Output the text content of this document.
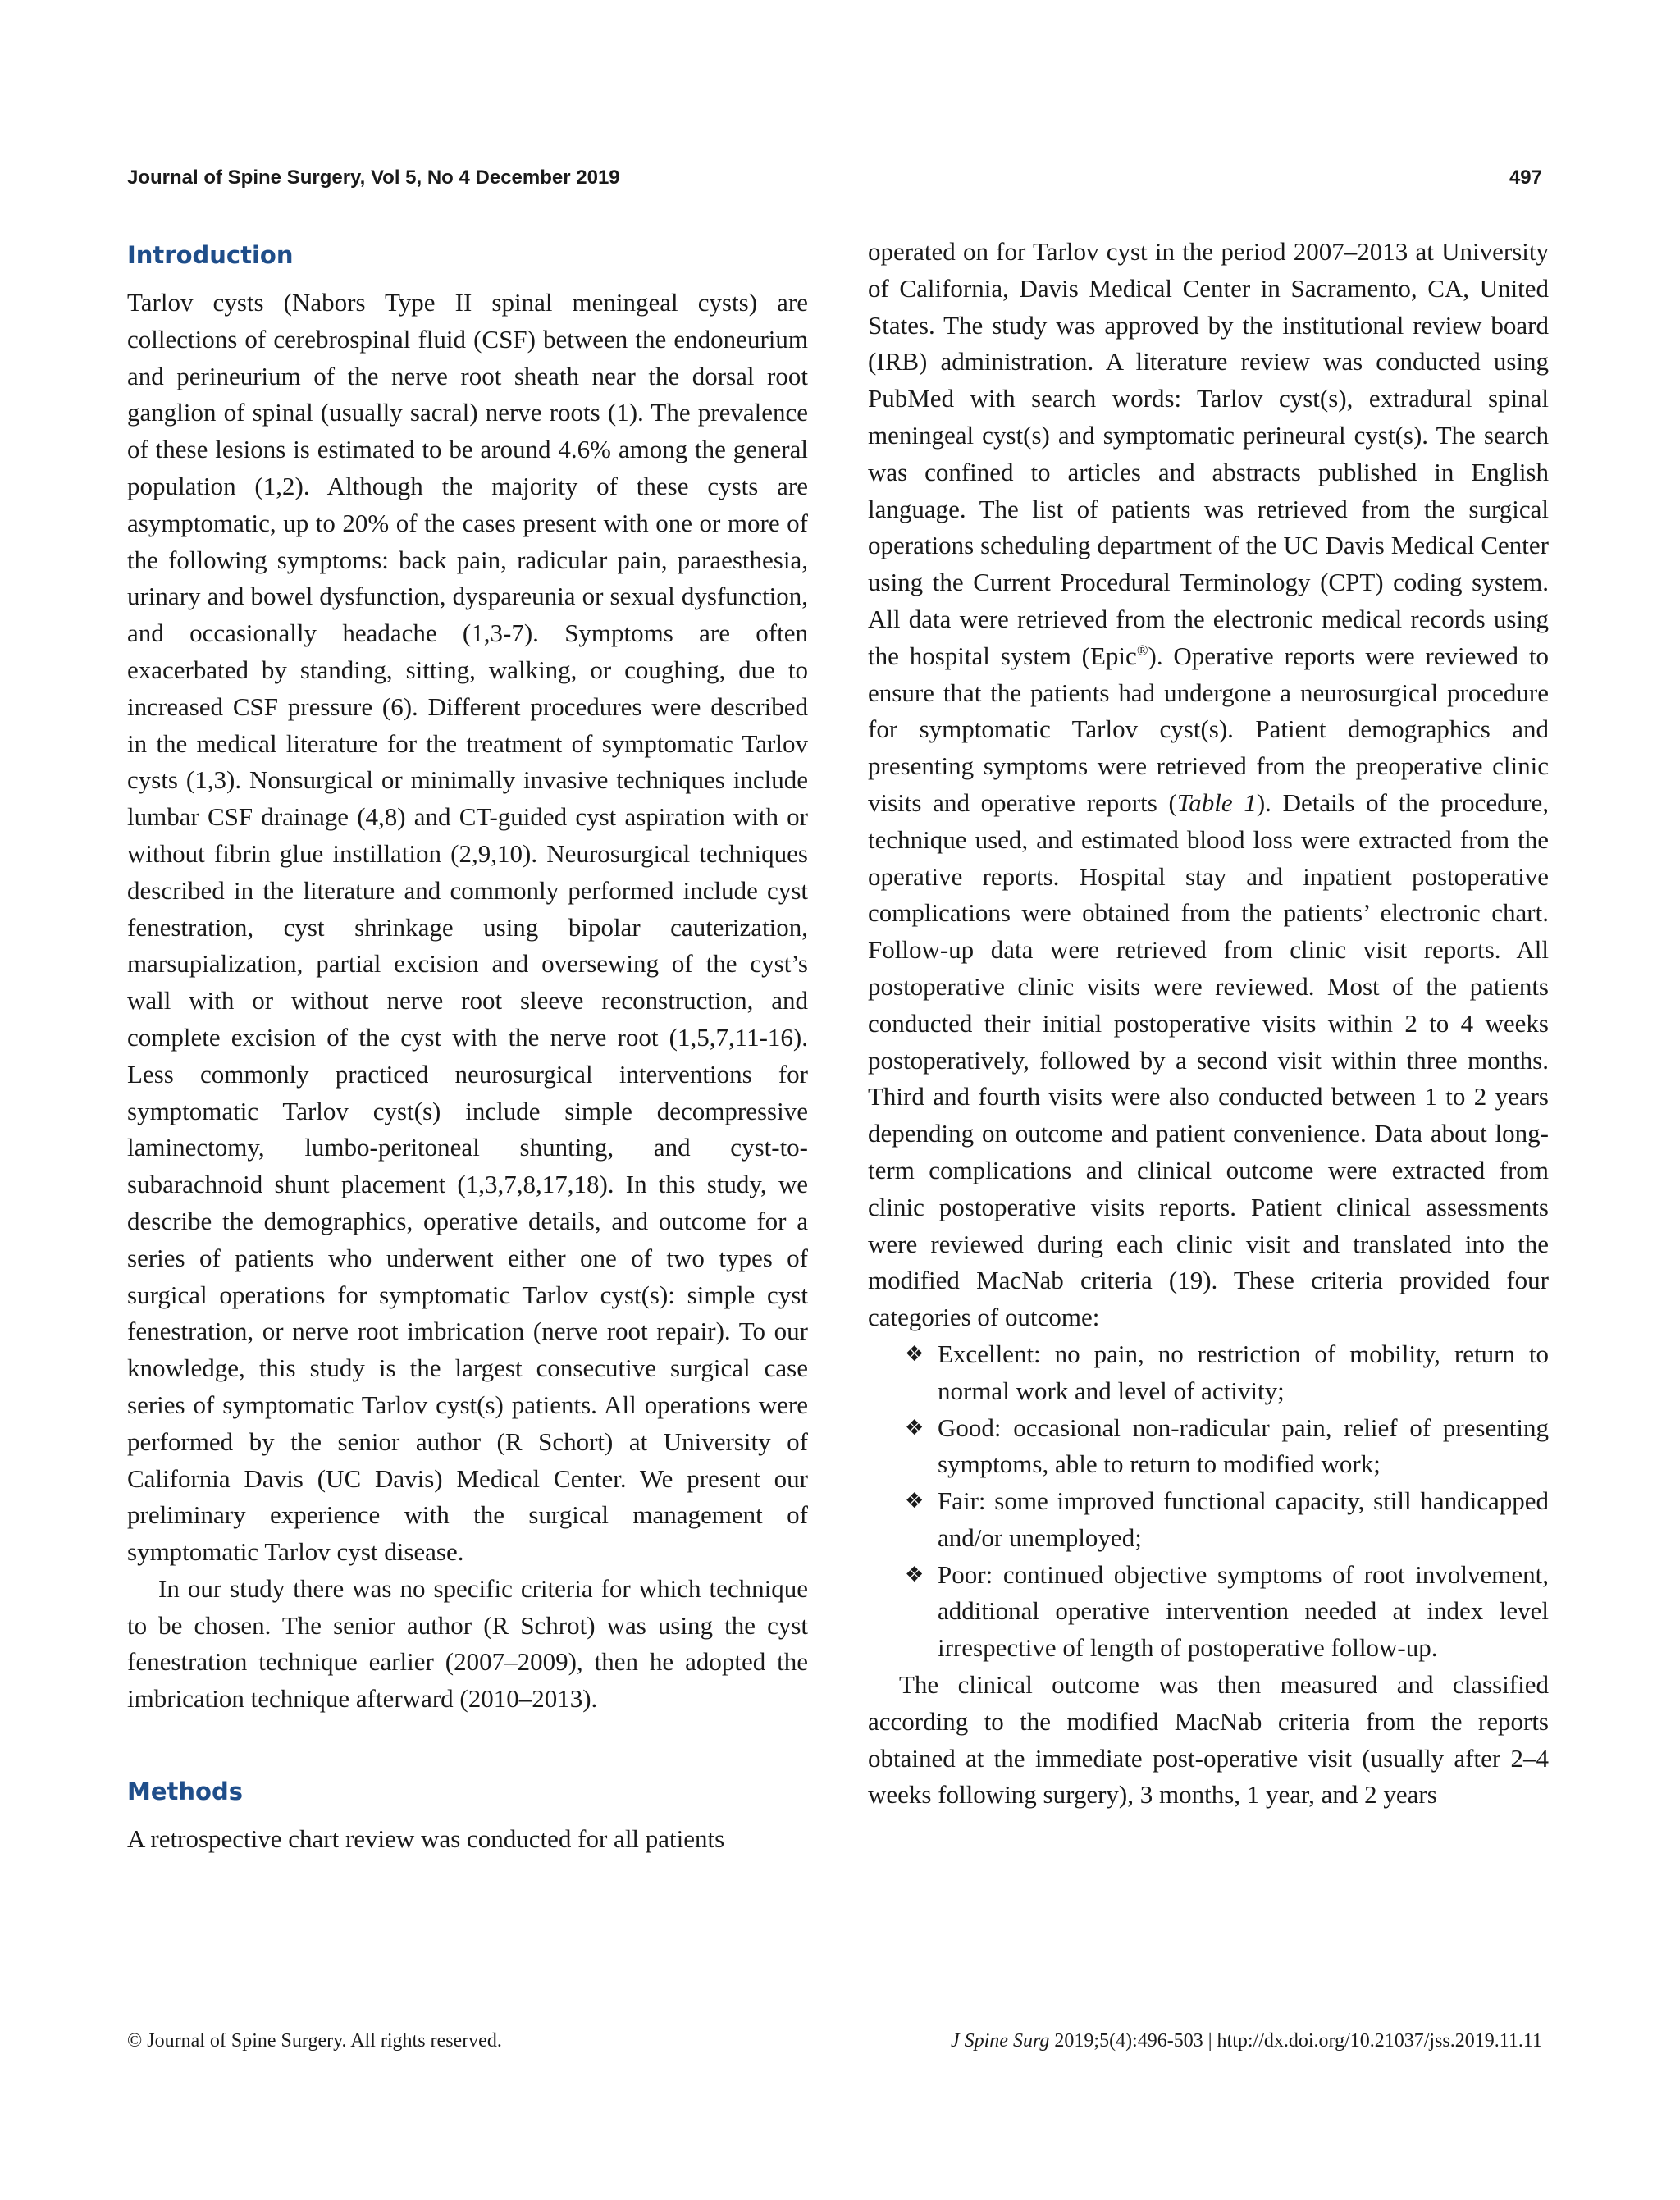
Journal of Spine Surgery, Vol 5, No 4 December 2019	497
Introduction

Tarlov cysts (Nabors Type II spinal meningeal cysts) are collections of cerebrospinal fluid (CSF) between the endoneurium and perineurium of the nerve root sheath near the dorsal root ganglion of spinal (usually sacral) nerve roots (1). The prevalence of these lesions is estimated to be around 4.6% among the general population (1,2). Although the majority of these cysts are asymptomatic, up to 20% of the cases present with one or more of the following symptoms: back pain, radicular pain, paraesthesia, urinary and bowel dysfunction, dyspareunia or sexual dysfunction, and occasionally headache (1,3-7). Symptoms are often exacerbated by standing, sitting, walking, or coughing, due to increased CSF pressure (6). Different procedures were described in the medical literature for the treatment of symptomatic Tarlov cysts (1,3). Nonsurgical or minimally invasive techniques include lumbar CSF drainage (4,8) and CT-guided cyst aspiration with or without fibrin glue instillation (2,9,10). Neurosurgical techniques described in the literature and commonly performed include cyst fenestration, cyst shrinkage using bipolar cauterization, marsupialization, partial excision and oversewing of the cyst’s wall with or without nerve root sleeve reconstruction, and complete excision of the cyst with the nerve root (1,5,7,11-16). Less commonly practiced neurosurgical interventions for symptomatic Tarlov cyst(s) include simple decompressive laminectomy, lumbo-peritoneal shunting, and cyst-to-subarachnoid shunt placement (1,3,7,8,17,18). In this study, we describe the demographics, operative details, and outcome for a series of patients who underwent either one of two types of surgical operations for symptomatic Tarlov cyst(s): simple cyst fenestration, or nerve root imbrication (nerve root repair). To our knowledge, this study is the largest consecutive surgical case series of symptomatic Tarlov cyst(s) patients. All operations were performed by the senior author (R Schort) at University of California Davis (UC Davis) Medical Center. We present our preliminary experience with the surgical management of symptomatic Tarlov cyst disease.

In our study there was no specific criteria for which technique to be chosen. The senior author (R Schrot) was using the cyst fenestration technique earlier (2007–2009), then he adopted the imbrication technique afterward (2010–2013).

Methods

A retrospective chart review was conducted for all patients

operated on for Tarlov cyst in the period 2007–2013 at University of California, Davis Medical Center in Sacramento, CA, United States. The study was approved by the institutional review board (IRB) administration. A literature review was conducted using PubMed with search words: Tarlov cyst(s), extradural spinal meningeal cyst(s) and symptomatic perineural cyst(s). The search was confined to articles and abstracts published in English language. The list of patients was retrieved from the surgical operations scheduling department of the UC Davis Medical Center using the Current Procedural Terminology (CPT) coding system. All data were retrieved from the electronic medical records using the hospital system (Epic®). Operative reports were reviewed to ensure that the patients had undergone a neurosurgical procedure for symptomatic Tarlov cyst(s). Patient demographics and presenting symptoms were retrieved from the preoperative clinic visits and operative reports (Table 1). Details of the procedure, technique used, and estimated blood loss were extracted from the operative reports. Hospital stay and inpatient postoperative complications were obtained from the patients’ electronic chart. Follow-up data were retrieved from clinic visit reports. All postoperative clinic visits were reviewed. Most of the patients conducted their initial postoperative visits within 2 to 4 weeks postoperatively, followed by a second visit within three months. Third and fourth visits were also conducted between 1 to 2 years depending on outcome and patient convenience. Data about long-term complications and clinical outcome were extracted from clinic postoperative visits reports. Patient clinical assessments were reviewed during each clinic visit and translated into the modified MacNab criteria (19). These criteria provided four categories of outcome:

❖ Excellent: no pain, no restriction of mobility, return to normal work and level of activity;
❖ Good: occasional non-radicular pain, relief of presenting symptoms, able to return to modified work;
❖ Fair: some improved functional capacity, still handicapped and/or unemployed;
❖ Poor: continued objective symptoms of root involvement, additional operative intervention needed at index level irrespective of length of postoperative follow-up.

The clinical outcome was then measured and classified according to the modified MacNab criteria from the reports obtained at the immediate post-operative visit (usually after 2–4 weeks following surgery), 3 months, 1 year, and 2 years

© Journal of Spine Surgery. All rights reserved.	J Spine Surg 2019;5(4):496-503 | http://dx.doi.org/10.21037/jss.2019.11.11
